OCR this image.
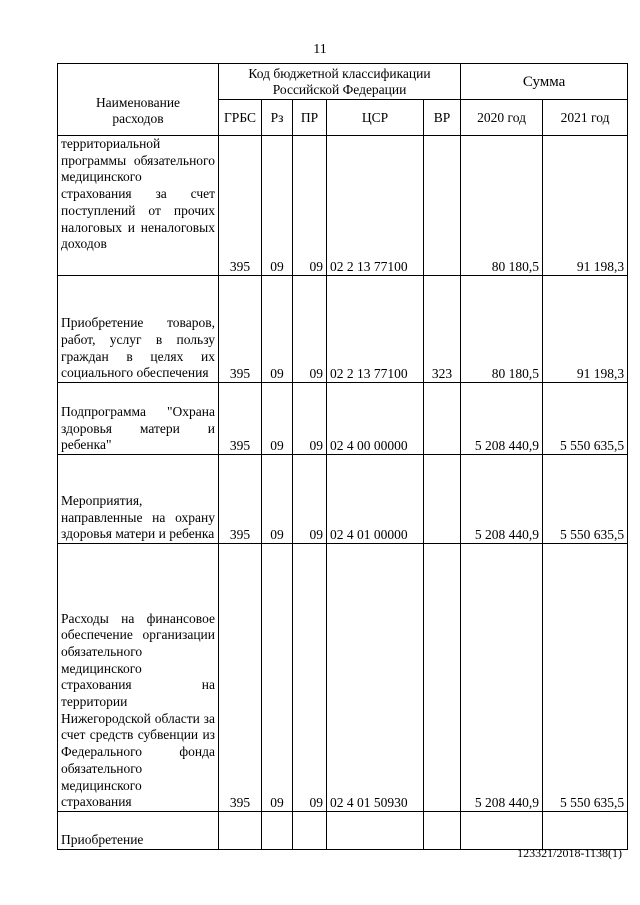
11
Наименование расходов	Код бюджетной классификации Российской Федерации					Сумма	
	ГРБС	Рз	ПР	ЦСР	ВР	2020 год	2021 год
территориальной программы обязательного медицинского страхования за счет поступлений от прочих налоговых и неналоговых доходов	395	09	09	02 2 13 77100		80 180,5	91 198,3
Приобретение товаров, работ, услуг в пользу граждан в целях их социального обеспечения	395	09	09	02 2 13 77100	323	80 180,5	91 198,3
Подпрограмма "Охрана здоровья матери и ребенка"	395	09	09	02 4 00 00000		5 208 440,9	5 550 635,5
Мероприятия, направленные на охрану здоровья матери и ребенка	395	09	09	02 4 01 00000		5 208 440,9	5 550 635,5
Расходы на финансовое обеспечение организации обязательного медицинского страхования на территории Нижегородской области за счет средств субвенции из Федерального фонда обязательного медицинского страхования	395	09	09	02 4 01 50930		5 208 440,9	5 550 635,5
Приобретение							
123321/2018-1138(1)
